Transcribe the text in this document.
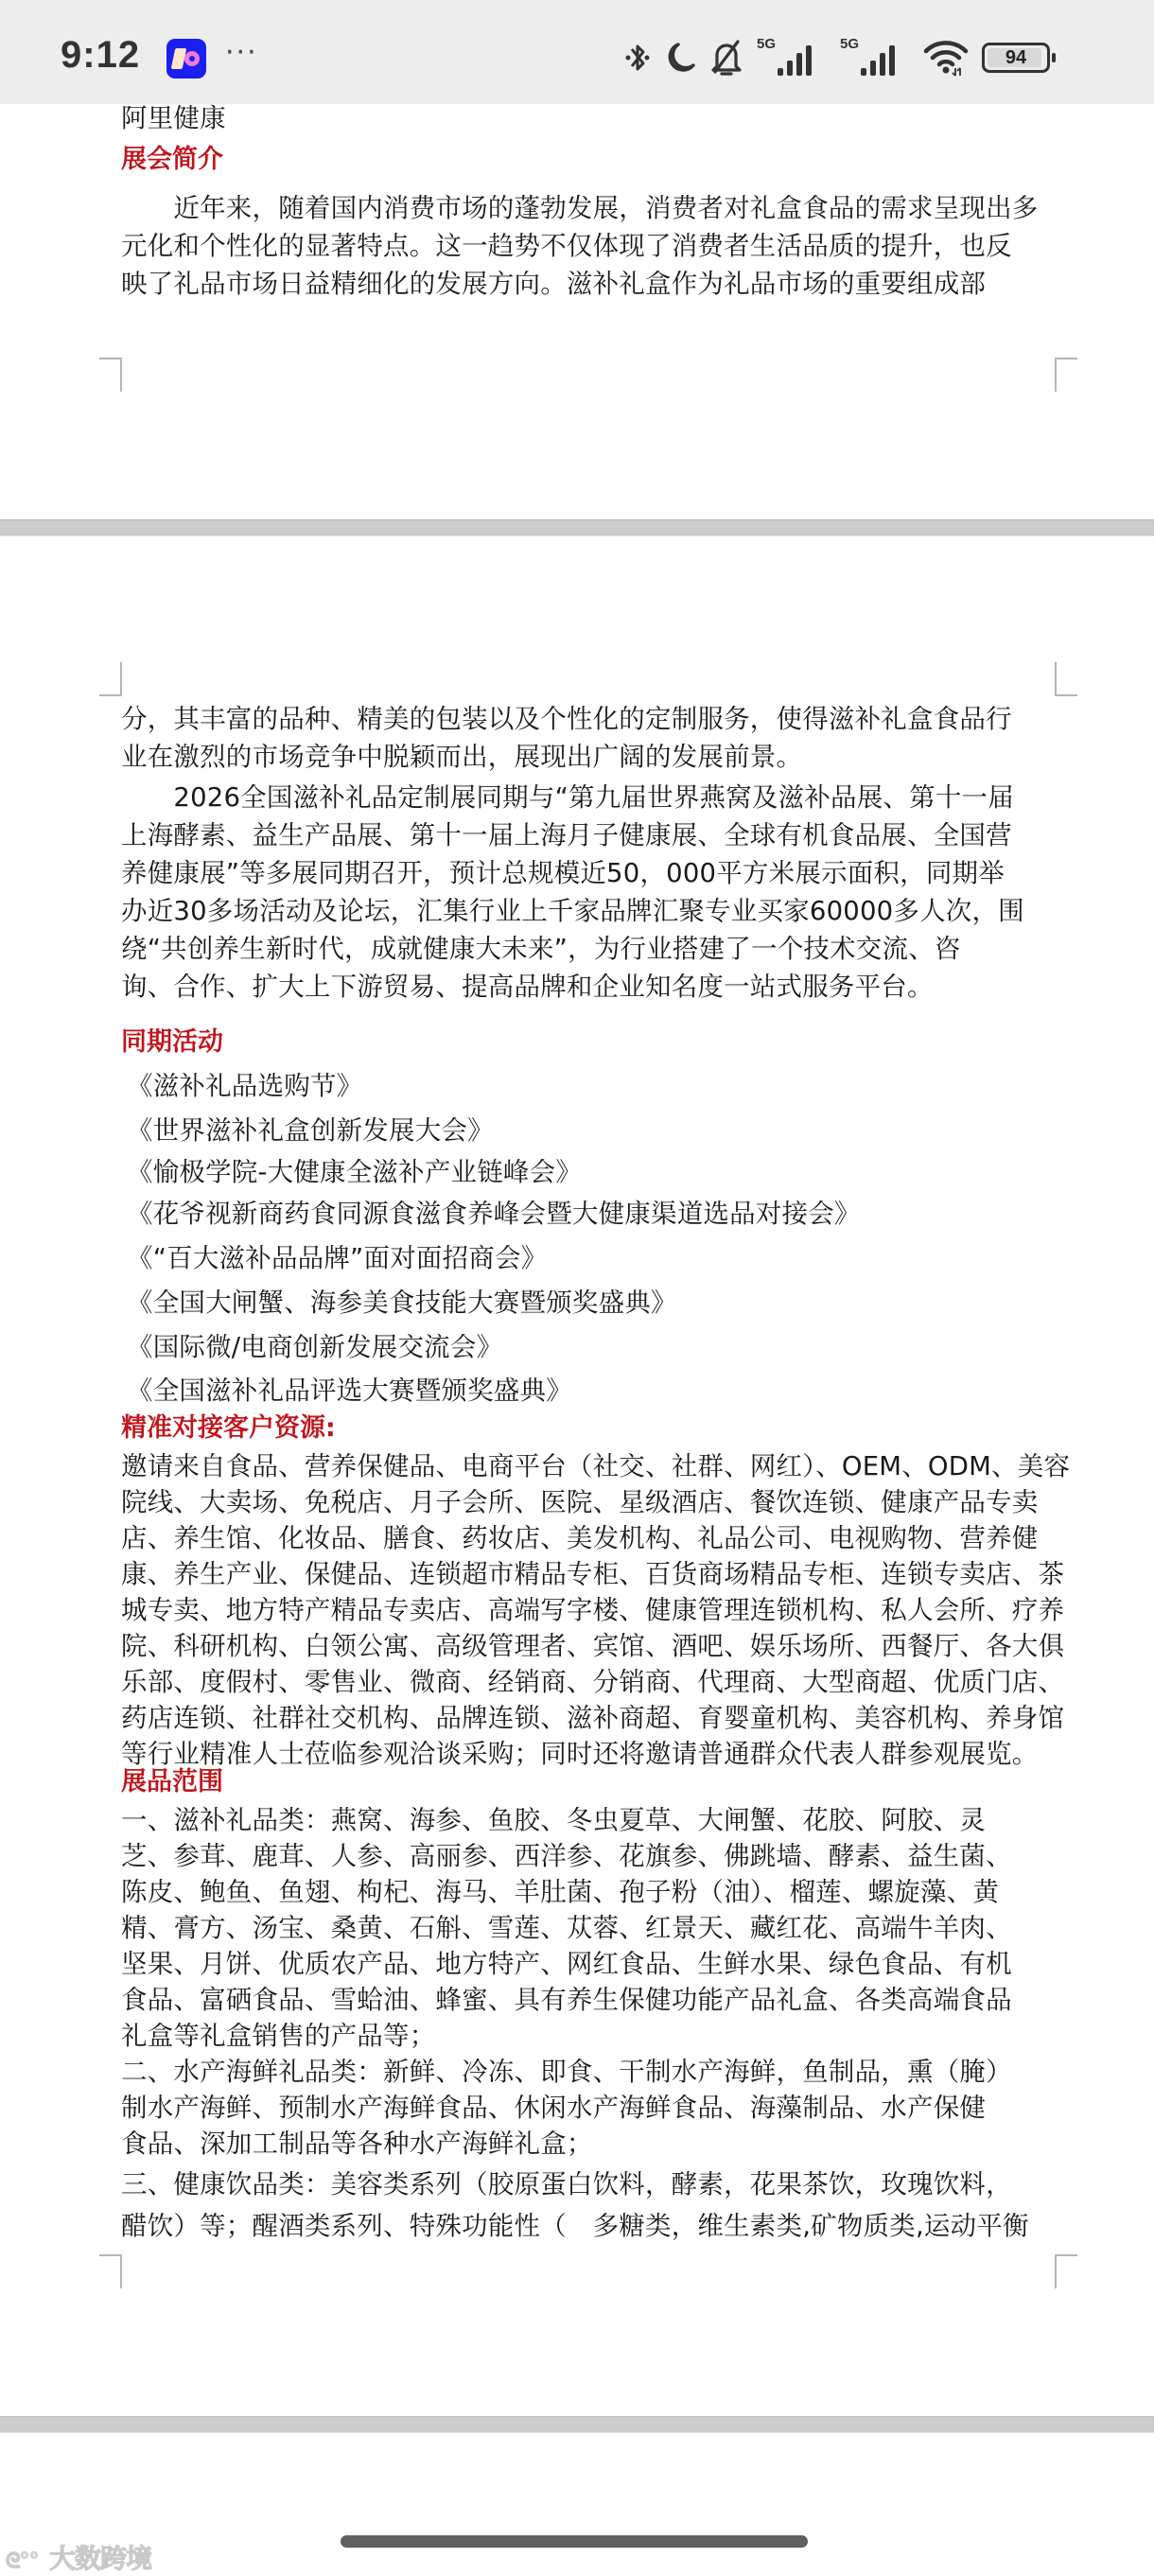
9:12	···	5G	5G
94
阿里健康
展会简介
　　近年来，随着国内消费市场的蓬勃发展，消费者对礼盒食品的需求呈现出多
元化和个性化的显著特点。这一趋势不仅体现了消费者生活品质的提升，也反
映了礼品市场日益精细化的发展方向。滋补礼盒作为礼品市场的重要组成部
分，其丰富的品种、精美的包装以及个性化的定制服务，使得滋补礼盒食品行
业在激烈的市场竞争中脱颖而出，展现出广阔的发展前景。
　　2026全国滋补礼品定制展同期与“第九届世界燕窝及滋补品展、第十一届
上海酵素、益生产品展、第十一届上海月子健康展、全球有机食品展、全国营
养健康展”等多展同期召开，预计总规模近50，000平方米展示面积，同期举
办近30多场活动及论坛，汇集行业上千家品牌汇聚专业买家60000多人次，围
绕“共创养生新时代，成就健康大未来”，为行业搭建了一个技术交流、咨
询、合作、扩大上下游贸易、提高品牌和企业知名度一站式服务平台。
同期活动
《滋补礼品选购节》
《世界滋补礼盒创新发展大会》
《愉极学院-大健康全滋补产业链峰会》
《花爷视新商药食同源食滋食养峰会暨大健康渠道选品对接会》
《“百大滋补品品牌”面对面招商会》
《全国大闸蟹、海参美食技能大赛暨颁奖盛典》
《国际微/电商创新发展交流会》
《全国滋补礼品评选大赛暨颁奖盛典》
精准对接客户资源:
邀请来自食品、营养保健品、电商平台（社交、社群、网红）、OEM、ODM、美容
院线、大卖场、免税店、月子会所、医院、星级酒店、餐饮连锁、健康产品专卖
店、养生馆、化妆品、膳食、药妆店、美发机构、礼品公司、电视购物、营养健
康、养生产业、保健品、连锁超市精品专柜、百货商场精品专柜、连锁专卖店、茶
城专卖、地方特产精品专卖店、高端写字楼、健康管理连锁机构、私人会所、疗养
院、科研机构、白领公寓、高级管理者、宾馆、酒吧、娱乐场所、西餐厅、各大俱
乐部、度假村、零售业、微商、经销商、分销商、代理商、大型商超、优质门店、
药店连锁、社群社交机构、品牌连锁、滋补商超、育婴童机构、美容机构、养身馆
等行业精准人士莅临参观洽谈采购；同时还将邀请普通群众代表人群参观展览。
展品范围
一、滋补礼品类：燕窝、海参、鱼胶、冬虫夏草、大闸蟹、花胶、阿胶、灵
芝、参茸、鹿茸、人参、高丽参、西洋参、花旗参、佛跳墙、酵素、益生菌、
陈皮、鲍鱼、鱼翅、枸杞、海马、羊肚菌、孢子粉（油）、榴莲、螺旋藻、黄
精、膏方、汤宝、桑黄、石斛、雪莲、苁蓉、红景天、藏红花、高端牛羊肉、
坚果、月饼、优质农产品、地方特产、网红食品、生鲜水果、绿色食品、有机
食品、富硒食品、雪蛤油、蜂蜜、具有养生保健功能产品礼盒、各类高端食品
礼盒等礼盒销售的产品等；
二、水产海鲜礼品类：新鲜、冷冻、即食、干制水产海鲜，鱼制品，熏（腌）
制水产海鲜、预制水产海鲜食品、休闲水产海鲜食品、海藻制品、水产保健
食品、深加工制品等各种水产海鲜礼盒；
三、健康饮品类：美容类系列（胶原蛋白饮料，酵素，花果茶饮，玫瑰饮料，
醋饮）等；醒酒类系列、特殊功能性（　多糖类，维生素类,矿物质类,运动平衡
ᘓ°° 大数跨境
